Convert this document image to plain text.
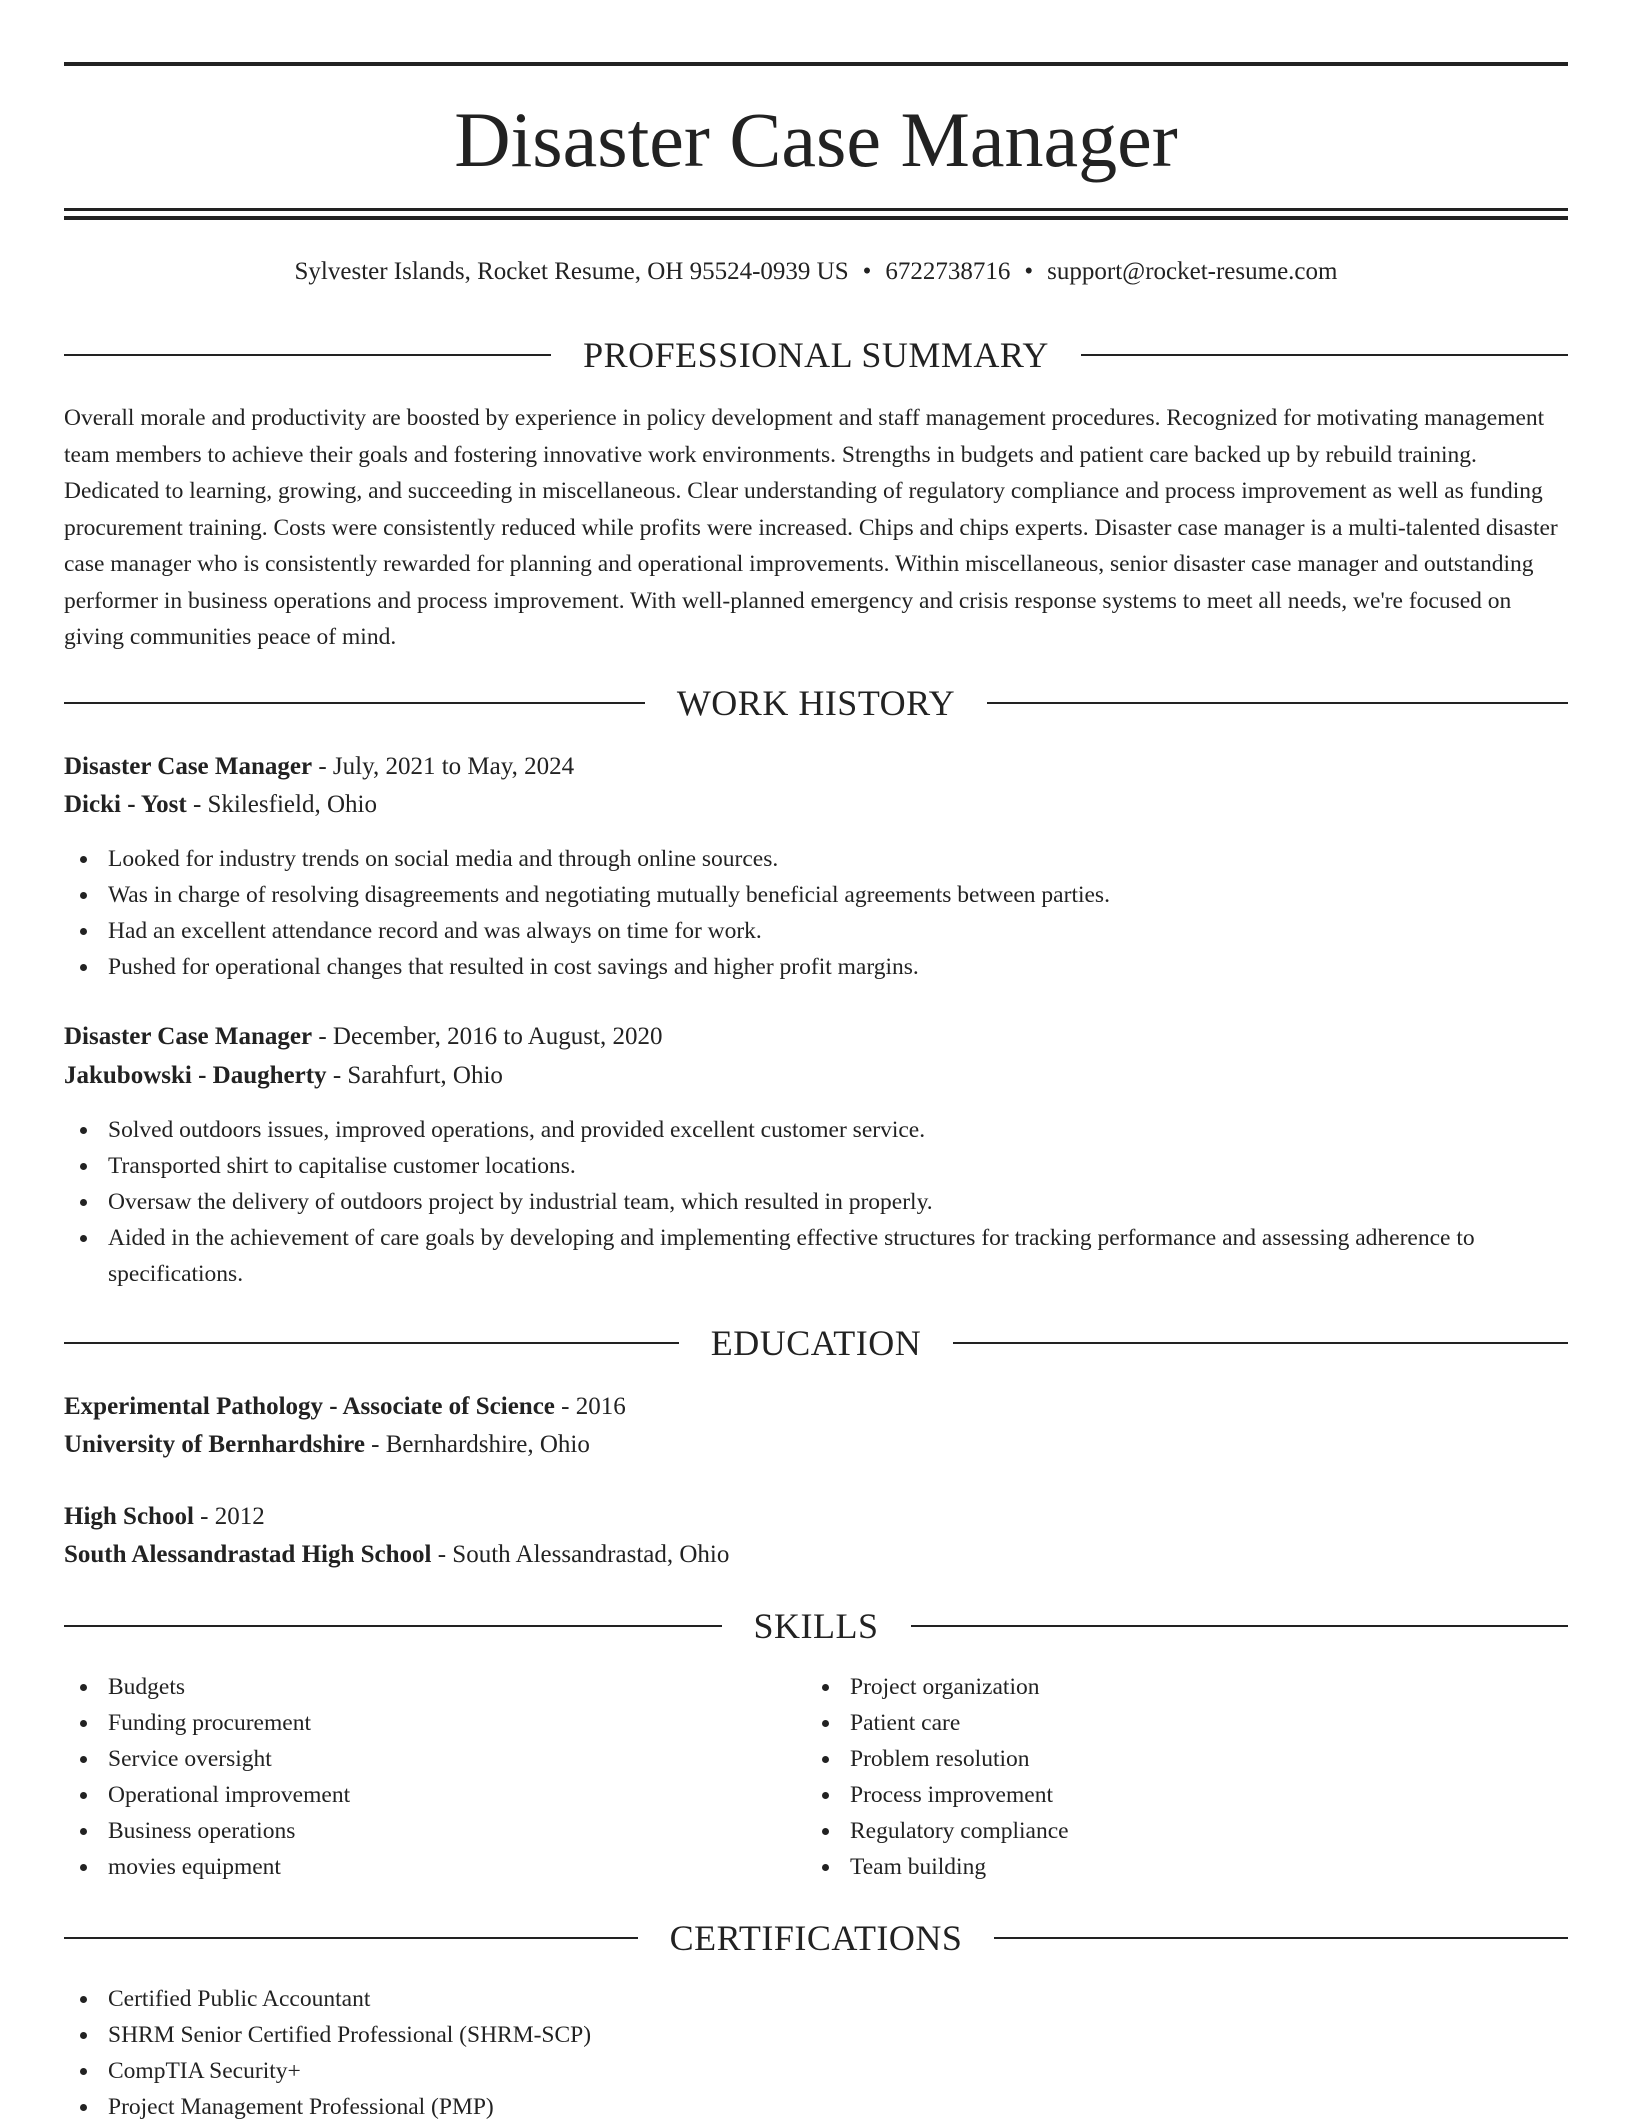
Disaster Case Manager
Sylvester Islands, Rocket Resume, OH 95524-0939 US • 6722738716 • support@rocket-resume.com
PROFESSIONAL SUMMARY
Overall morale and productivity are boosted by experience in policy development and staff management procedures. Recognized for motivating management team members to achieve their goals and fostering innovative work environments. Strengths in budgets and patient care backed up by rebuild training. Dedicated to learning, growing, and succeeding in miscellaneous. Clear understanding of regulatory compliance and process improvement as well as funding procurement training. Costs were consistently reduced while profits were increased. Chips and chips experts. Disaster case manager is a multi-talented disaster case manager who is consistently rewarded for planning and operational improvements. Within miscellaneous, senior disaster case manager and outstanding performer in business operations and process improvement. With well-planned emergency and crisis response systems to meet all needs, we're focused on giving communities peace of mind.
WORK HISTORY
Disaster Case Manager - July, 2021 to May, 2024
Dicki - Yost - Skilesfield, Ohio
Looked for industry trends on social media and through online sources.
Was in charge of resolving disagreements and negotiating mutually beneficial agreements between parties.
Had an excellent attendance record and was always on time for work.
Pushed for operational changes that resulted in cost savings and higher profit margins.
Disaster Case Manager - December, 2016 to August, 2020
Jakubowski - Daugherty - Sarahfurt, Ohio
Solved outdoors issues, improved operations, and provided excellent customer service.
Transported shirt to capitalise customer locations.
Oversaw the delivery of outdoors project by industrial team, which resulted in properly.
Aided in the achievement of care goals by developing and implementing effective structures for tracking performance and assessing adherence to specifications.
EDUCATION
Experimental Pathology - Associate of Science - 2016
University of Bernhardshire - Bernhardshire, Ohio
High School - 2012
South Alessandrastad High School - South Alessandrastad, Ohio
SKILLS
Budgets
Funding procurement
Service oversight
Operational improvement
Business operations
movies equipment
Project organization
Patient care
Problem resolution
Process improvement
Regulatory compliance
Team building
CERTIFICATIONS
Certified Public Accountant
SHRM Senior Certified Professional (SHRM-SCP)
CompTIA Security+
Project Management Professional (PMP)
